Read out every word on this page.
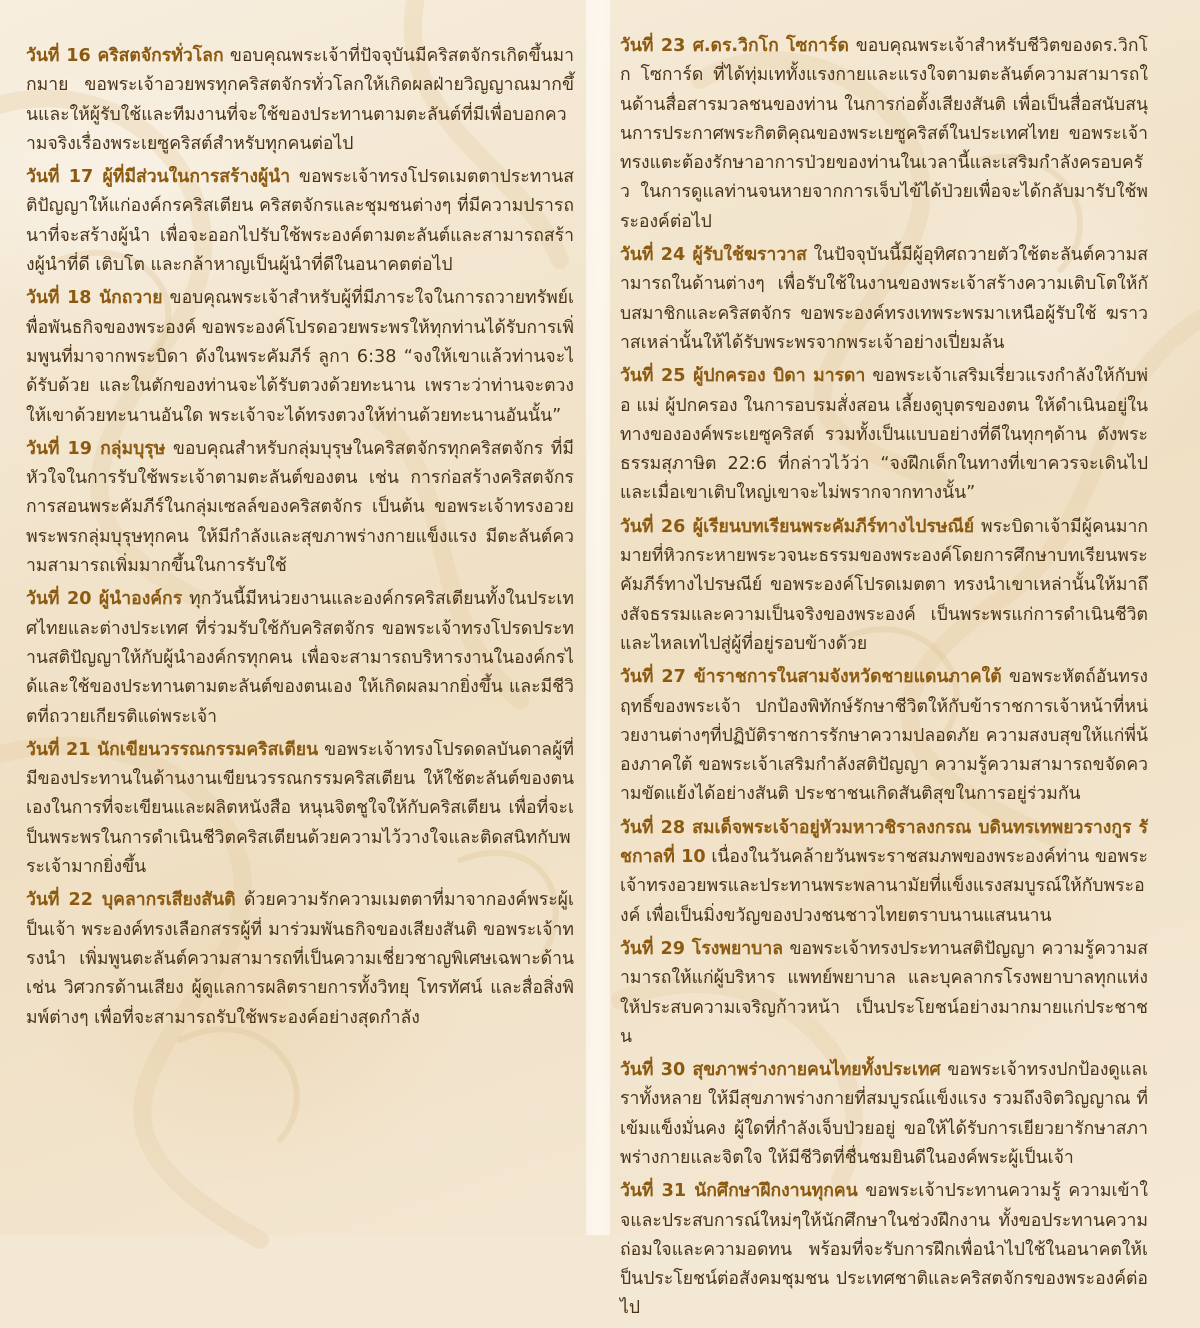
วันที่ 16 คริสตจักรทั่วโลก ขอบคุณพระเจ้าที่ปัจจุบันมีคริสตจักรเกิดขึ้นมากมาย ขอพระเจ้าอวยพรทุกคริสตจักรทั่วโลกให้เกิดผลฝ่ายวิญญาณมากขึ้นและให้ผู้รับใช้และทีมงานที่จะใช้ของประทานตามตะลันต์ที่มีเพื่อบอกความจริงเรื่องพระเยซูคริสต์สำหรับทุกคนต่อไป

วันที่ 17 ผู้ที่มีส่วนในการสร้างผู้นำ ขอพระเจ้าทรงโปรดเมตตาประทานสติปัญญาให้แก่องค์กรคริสเตียน คริสตจักรและชุมชนต่างๆ ที่มีความปรารถนาที่จะสร้างผู้นำ เพื่อจะออกไปรับใช้พระองค์ตามตะลันต์และสามารถสร้างผู้นำที่ดี เติบโต และกล้าหาญเป็นผู้นำที่ดีในอนาคตต่อไป

วันที่ 18 นักถวาย ขอบคุณพระเจ้าสำหรับผู้ที่มีภาระใจในการถวายทรัพย์เพื่อพันธกิจของพระองค์ ขอพระองค์โปรดอวยพระพรให้ทุกท่านได้รับการเพิ่มพูนที่มาจากพระบิดา ดังในพระคัมภีร์ ลูกา 6:38 “จงให้เขาแล้วท่านจะได้รับด้วย และในตักของท่านจะได้รับตวงด้วยทะนาน เพราะว่าท่านจะตวงให้เขาด้วยทะนานอันใด พระเจ้าจะได้ทรงตวงให้ท่านด้วยทะนานอันนั้น”

วันที่ 19 กลุ่มบุรุษ ขอบคุณสำหรับกลุ่มบุรุษในคริสตจักรทุกคริสตจักร ที่มีหัวใจในการรับใช้พระเจ้าตามตะลันต์ของตน เช่น การก่อสร้างคริสตจักร การสอนพระคัมภีร์ในกลุ่มเซลล์ของคริสตจักร เป็นต้น ขอพระเจ้าทรงอวยพระพรกลุ่มบุรุษทุกคน ให้มีกำลังและสุขภาพร่างกายแข็งแรง มีตะลันต์ความสามารถเพิ่มมากขึ้นในการรับใช้

วันที่ 20 ผู้นำองค์กร ทุกวันนี้มีหน่วยงานและองค์กรคริสเตียนทั้งในประเทศไทยและต่างประเทศ ที่ร่วมรับใช้กับคริสตจักร ขอพระเจ้าทรงโปรดประทานสติปัญญาให้กับผู้นำองค์กรทุกคน เพื่อจะสามารถบริหารงานในองค์กรได้และใช้ของประทานตามตะลันต์ของตนเอง ให้เกิดผลมากยิ่งขึ้น และมีชีวิตที่ถวายเกียรติแด่พระเจ้า

วันที่ 21 นักเขียนวรรณกรรมคริสเตียน ขอพระเจ้าทรงโปรดดลบันดาลผู้ที่มีของประทานในด้านงานเขียนวรรณกรรมคริสเตียน ให้ใช้ตะลันต์ของตนเองในการที่จะเขียนและผลิตหนังสือ หนุนจิตชูใจให้กับคริสเตียน เพื่อที่จะเป็นพระพรในการดำเนินชีวิตคริสเตียนด้วยความไว้วางใจและติดสนิทกับพระเจ้ามากยิ่งขึ้น

วันที่ 22 บุคลากรเสียงสันติ ด้วยความรักความเมตตาที่มาจากองค์พระผู้เป็นเจ้า พระองค์ทรงเลือกสรรผู้ที่ มาร่วมพันธกิจของเสียงสันติ ขอพระเจ้าทรงนำ เพิ่มพูนตะลันต์ความสามารถที่เป็นความเชี่ยวชาญพิเศษเฉพาะด้าน เช่น วิศวกรด้านเสียง ผู้ดูแลการผลิตรายการทั้งวิทยุ โทรทัศน์ และสื่อสิ่งพิมพ์ต่างๆ เพื่อที่จะสามารถรับใช้พระองค์อย่างสุดกำลัง

วันที่ 23 ศ.ดร.วิกโก โซการ์ด ขอบคุณพระเจ้าสำหรับชีวิตของดร.วิกโก โซการ์ด ที่ได้ทุ่มเททั้งแรงกายและแรงใจตามตะลันต์ความสามารถในด้านสื่อสารมวลชนของท่าน ในการก่อตั้งเสียงสันติ เพื่อเป็นสื่อสนับสนุนการประกาศพระกิตติคุณของพระเยซูคริสต์ในประเทศไทย ขอพระเจ้าทรงแตะต้องรักษาอาการป่วยของท่านในเวลานี้และเสริมกำลังครอบครัว ในการดูแลท่านจนหายจากการเจ็บไข้ได้ป่วยเพื่อจะได้กลับมารับใช้พระองค์ต่อไป

วันที่ 24 ผู้รับใช้ฆราวาส ในปัจจุบันนี้มีผู้อุทิศถวายตัวใช้ตะลันต์ความสามารถในด้านต่างๆ เพื่อรับใช้ในงานของพระเจ้าสร้างความเติบโตให้กับสมาชิกและคริสตจักร ขอพระองค์ทรงเทพระพรมาเหนือผู้รับใช้ ฆราวาสเหล่านั้นให้ได้รับพระพรจากพระเจ้าอย่างเปี่ยมล้น

วันที่ 25 ผู้ปกครอง บิดา มารดา ขอพระเจ้าเสริมเรี่ยวแรงกำลังให้กับพ่อ แม่ ผู้ปกครอง ในการอบรมสั่งสอน เลี้ยงดูบุตรของตน ให้ดำเนินอยู่ในทางขององค์พระเยซูคริสต์ รวมทั้งเป็นแบบอย่างที่ดีในทุกๆด้าน ดังพระธรรมสุภาษิต 22:6 ที่กล่าวไว้ว่า “จงฝึกเด็กในทางที่เขาควรจะเดินไป และเมื่อเขาเติบใหญ่เขาจะไม่พรากจากทางนั้น”

วันที่ 26 ผู้เรียนบทเรียนพระคัมภีร์ทางไปรษณีย์ พระบิดาเจ้ามีผู้คนมากมายที่หิวกระหายพระวจนะธรรมของพระองค์โดยการศึกษาบทเรียนพระคัมภีร์ทางไปรษณีย์ ขอพระองค์โปรดเมตตา ทรงนำเขาเหล่านั้นให้มาถึงสัจธรรมและความเป็นจริงของพระองค์ เป็นพระพรแก่การดำเนินชีวิต และไหลเทไปสู่ผู้ที่อยู่รอบข้างด้วย

วันที่ 27 ข้าราชการในสามจังหวัดชายแดนภาคใต้ ขอพระหัตถ์อันทรงฤทธิ์ของพระเจ้า ปกป้องพิทักษ์รักษาชีวิตให้กับข้าราชการเจ้าหน้าที่หน่วยงานต่างๆที่ปฏิบัติราชการรักษาความปลอดภัย ความสงบสุขให้แก่พี่น้องภาคใต้ ขอพระเจ้าเสริมกำลังสติปัญญา ความรู้ความสามารถขจัดความขัดแย้งได้อย่างสันติ ประชาชนเกิดสันติสุขในการอยู่ร่วมกัน

วันที่ 28 สมเด็จพระเจ้าอยู่หัวมหาวชิราลงกรณ บดินทรเทพยวรางกูร รัชกาลที่ 10 เนื่องในวันคล้ายวันพระราชสมภพของพระองค์ท่าน ขอพระเจ้าทรงอวยพรและประทานพระพลานามัยที่แข็งแรงสมบูรณ์ให้กับพระองค์ เพื่อเป็นมิ่งขวัญของปวงชนชาวไทยตราบนานแสนนาน

วันที่ 29 โรงพยาบาล ขอพระเจ้าทรงประทานสติปัญญา ความรู้ความสามารถให้แก่ผู้บริหาร แพทย์พยาบาล และบุคลากรโรงพยาบาลทุกแห่ง ให้ประสบความเจริญก้าวหน้า เป็นประโยชน์อย่างมากมายแก่ประชาชน

วันที่ 30 สุขภาพร่างกายคนไทยทั้งประเทศ ขอพระเจ้าทรงปกป้องดูแลเราทั้งหลาย ให้มีสุขภาพร่างกายที่สมบูรณ์แข็งแรง รวมถึงจิตวิญญาณ ที่เข้มแข็งมั่นคง ผู้ใดที่กำลังเจ็บป่วยอยู่ ขอให้ได้รับการเยียวยารักษาสภาพร่างกายและจิตใจ ให้มีชีวิตที่ชื่นชมยินดีในองค์พระผู้เป็นเจ้า

วันที่ 31 นักศึกษาฝึกงานทุกคน ขอพระเจ้าประทานความรู้ ความเข้าใจและประสบการณ์ใหม่ๆให้นักศึกษาในช่วงฝึกงาน ทั้งขอประทานความถ่อมใจและความอดทน พร้อมที่จะรับการฝึกเพื่อนำไปใช้ในอนาคตให้เป็นประโยชน์ต่อสังคมชุมชน ประเทศชาติและคริสตจักรของพระองค์ต่อไป
